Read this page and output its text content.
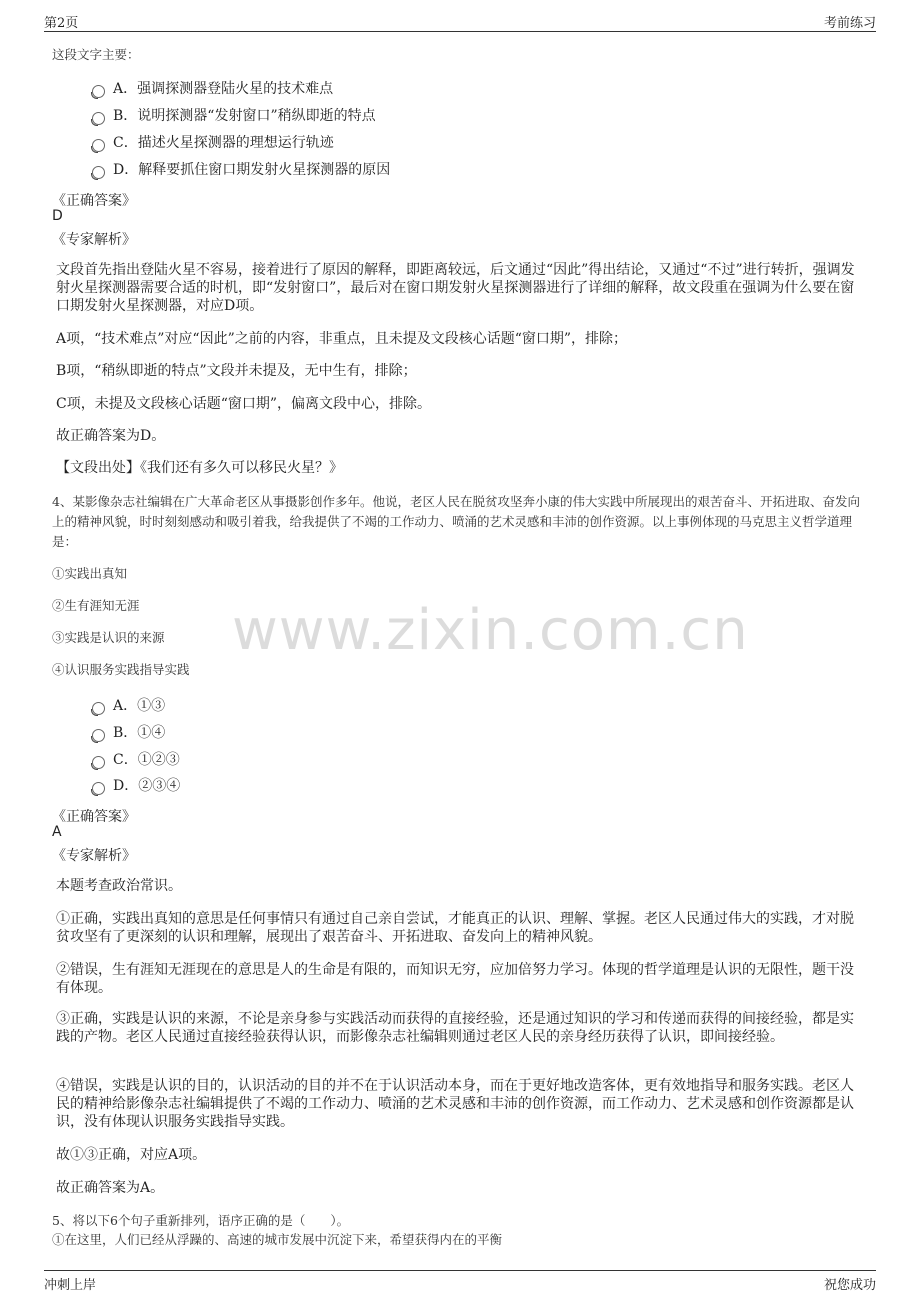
第2页	考前练习
www.zixin.com.cn
这段文字主要：
A．强调探测器登陆火星的技术难点
B．说明探测器“发射窗口”稍纵即逝的特点
C．描述火星探测器的理想运行轨迹
D．解释要抓住窗口期发射火星探测器的原因
《正确答案》
D
《专家解析》
文段首先指出登陆火星不容易，接着进行了原因的解释，即距离较远，后文通过“因此”得出结论，又通过“不过”进行转折，强调发射火星探测器需要合适的时机，即“发射窗口”，最后对在窗口期发射火星探测器进行了详细的解释，故文段重在强调为什么要在窗口期发射火星探测器，对应D项。
A项，“技术难点”对应“因此”之前的内容，非重点，且未提及文段核心话题“窗口期”，排除；
B项，“稍纵即逝的特点”文段并未提及，无中生有，排除；
C项，未提及文段核心话题“窗口期”，偏离文段中心，排除。
故正确答案为D。
【文段出处】《我们还有多久可以移民火星？》
4、某影像杂志社编辑在广大革命老区从事摄影创作多年。他说，老区人民在脱贫攻坚奔小康的伟大实践中所展现出的艰苦奋斗、开拓进取、奋发向上的精神风貌，时时刻刻感动和吸引着我，给我提供了不竭的工作动力、喷涌的艺术灵感和丰沛的创作资源。以上事例体现的马克思主义哲学道理是：
①实践出真知
②生有涯知无涯
③实践是认识的来源
④认识服务实践指导实践
A．①③
B．①④
C．①②③
D．②③④
《正确答案》
A
《专家解析》
本题考查政治常识。
①正确，实践出真知的意思是任何事情只有通过自己亲自尝试，才能真正的认识、理解、掌握。老区人民通过伟大的实践，才对脱贫攻坚有了更深刻的认识和理解，展现出了艰苦奋斗、开拓进取、奋发向上的精神风貌。
②错误，生有涯知无涯现在的意思是人的生命是有限的，而知识无穷，应加倍努力学习。体现的哲学道理是认识的无限性，题干没有体现。
③正确，实践是认识的来源，不论是亲身参与实践活动而获得的直接经验，还是通过知识的学习和传递而获得的间接经验，都是实践的产物。老区人民通过直接经验获得认识，而影像杂志社编辑则通过老区人民的亲身经历获得了认识，即间接经验。
④错误，实践是认识的目的，认识活动的目的并不在于认识活动本身，而在于更好地改造客体，更有效地指导和服务实践。老区人民的精神给影像杂志社编辑提供了不竭的工作动力、喷涌的艺术灵感和丰沛的创作资源，而工作动力、艺术灵感和创作资源都是认识，没有体现认识服务实践指导实践。
故①③正确，对应A项。
故正确答案为A。
5、将以下6个句子重新排列，语序正确的是（　　）。
①在这里，人们已经从浮躁的、高速的城市发展中沉淀下来，希望获得内在的平衡
冲刺上岸	祝您成功
